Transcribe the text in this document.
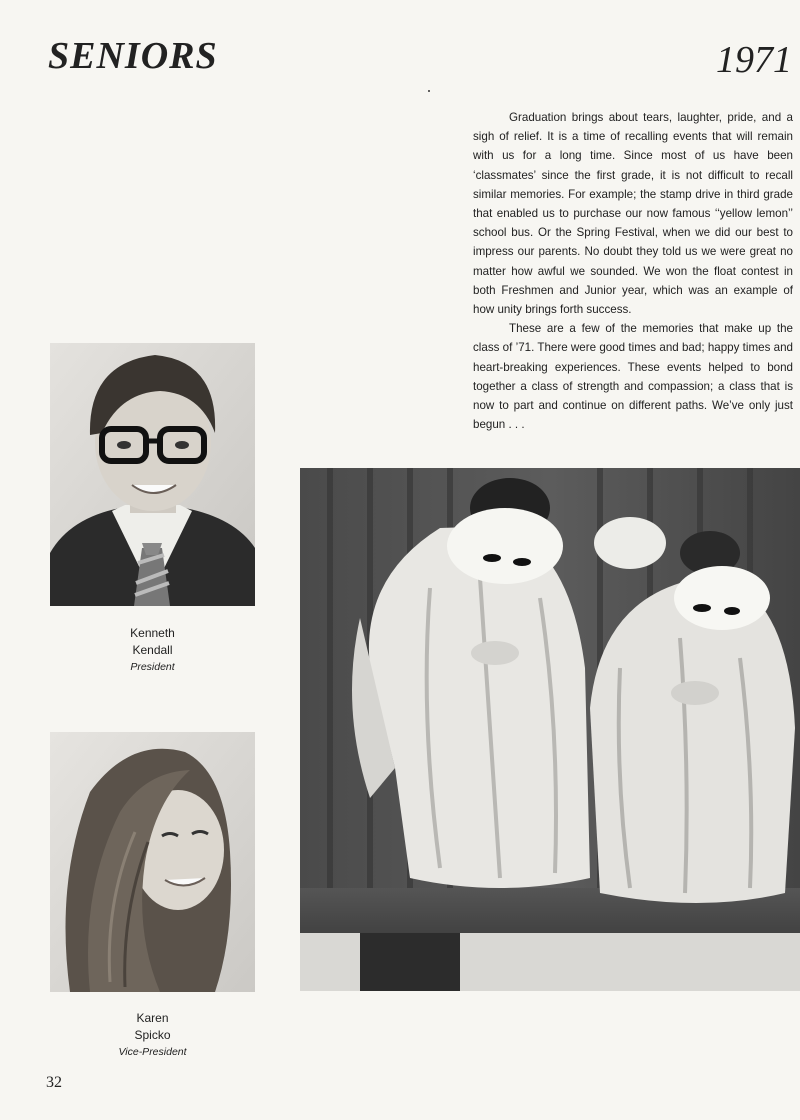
SENIORS	1971

Graduation brings about tears, laughter, pride, and a sigh of relief. It is a time of recalling events that will remain with us for a long time. Since most of us have been ‘classmates’ since the first grade, it is not difficult to recall similar memories. For example; the stamp drive in third grade that enabled us to purchase our now famous ‘‘yellow lemon’’ school bus. Or the Spring Festival, when we did our best to impress our parents. No doubt they told us we were great no matter how awful we sounded. We won the float contest in both Freshmen and Junior year, which was an example of how unity brings forth success.

These are a few of the memories that make up the class of ’71. There were good times and bad; happy times and heart-breaking experiences. These events helped to bond together a class of strength and compassion; a class that is now to part and continue on different paths. We’ve only just begun . . .

Kenneth
Kendall
President
Karen
Spicko
Vice-President
32
